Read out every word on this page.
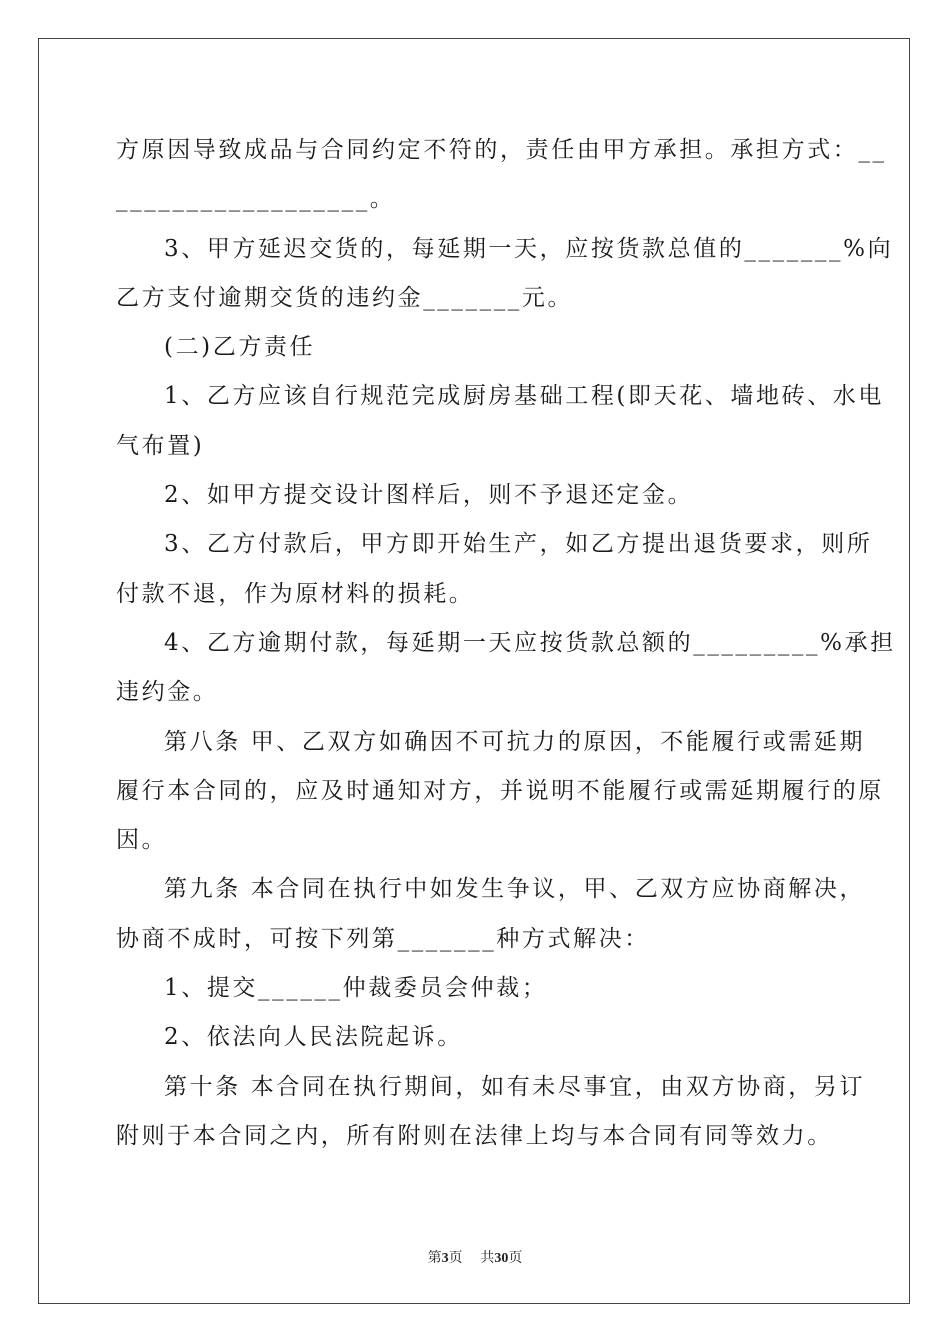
方原因导致成品与合同约定不符的，责任由甲方承担。承担方式：__
__________________。
3、甲方延迟交货的，每延期一天，应按货款总值的_______%向
乙方支付逾期交货的违约金_______元。
(二)乙方责任
1、乙方应该自行规范完成厨房基础工程(即天花、墙地砖、水电
气布置)
2、如甲方提交设计图样后，则不予退还定金。
3、乙方付款后，甲方即开始生产，如乙方提出退货要求，则所
付款不退，作为原材料的损耗。
4、乙方逾期付款，每延期一天应按货款总额的_________%承担
违约金。
第八条 甲、乙双方如确因不可抗力的原因，不能履行或需延期
履行本合同的，应及时通知对方，并说明不能履行或需延期履行的原
因。
第九条 本合同在执行中如发生争议，甲、乙双方应协商解决，
协商不成时，可按下列第_______种方式解决：
1、提交______仲裁委员会仲裁；
2、依法向人民法院起诉。
第十条 本合同在执行期间，如有未尽事宜，由双方协商，另订
附则于本合同之内，所有附则在法律上均与本合同有同等效力。
第3页 共30页
